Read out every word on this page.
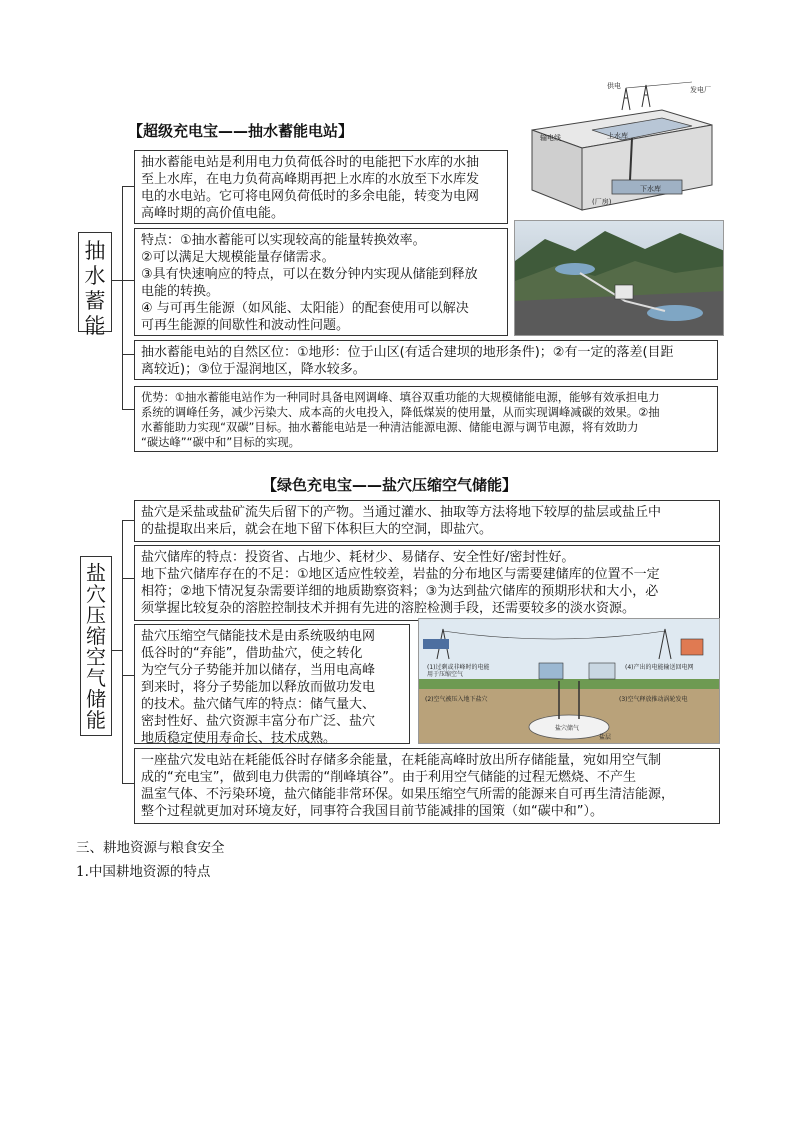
【超级充电宝——抽水蓄能电站】
抽
水
蓄
能

抽水蓄能电站是利用电力负荷低谷时的电能把下水库的水抽

至上水库，在电力负荷高峰期再把上水库的水放至下水库发

电的水电站。它可将电网负荷低时的多余电能，转变为电网

高峰时期的高价值电能。

特点：①抽水蓄能可以实现较高的能量转换效率。

②可以满足大规模能量存储需求。

③具有快速响应的特点，可以在数分钟内实现从储能到释放

电能的转换。

④ 与可再生能源（如风能、太阳能）的配套使用可以解决

可再生能源的间歇性和波动性问题。

抽水蓄能电站的自然区位：①地形：位于山区(有适合建坝的地形条件)；②有一定的落差(目距

离较近)；③位于湿润地区，降水较多。

优势：①抽水蓄能电站作为一种同时具备电网调峰、填谷双重功能的大规模储能电源，能够有效承担电力

系统的调峰任务，减少污染大、成本高的火电投入，降低煤炭的使用量，从而实现调峰减碳的效果。②抽

水蓄能助力实现“双碳”目标。抽水蓄能电站是一种清洁能源电源、储能电源与调节电源，将有效助力

“碳达峰”“碳中和”目标的实现。

供电	发电厂
上水库
下水库
输电线
(厂房)
【绿色充电宝——盐穴压缩空气储能】
盐
穴
压
缩
空
气
储
能

盐穴是采盐或盐矿流失后留下的产物。当通过灌水、抽取等方法将地下较厚的盐层或盐丘中

的盐提取出来后，就会在地下留下体积巨大的空洞，即盐穴。

盐穴储库的特点：投资省、占地少、耗材少、易储存、安全性好/密封性好。

地下盐穴储库存在的不足：①地区适应性较差，岩盐的分布地区与需要建储库的位置不一定

相符；②地下情况复杂需要详细的地质勘察资料；③为达到盐穴储库的预期形状和大小，必

须掌握比较复杂的溶腔控制技术并拥有先进的溶腔检测手段，还需要较多的淡水资源。

盐穴压缩空气储能技术是由系统吸纳电网

低谷时的“弃能”，借助盐穴，使之转化

为空气分子势能并加以储存，当用电高峰

到来时，将分子势能加以释放而做功发电

的技术。盐穴储气库的特点：储气量大、

密封性好、盐穴资源丰富分布广泛、盐穴

地质稳定使用寿命长、技术成熟。

(1)过剩或非峰时的电能
用于压缩空气
(4)产出的电能输送回电网
(2)空气被压入地下盐穴	(3)空气释放推动涡轮发电
盐穴储气
盐层

一座盐穴发电站在耗能低谷时存储多余能量，在耗能高峰时放出所存储能量，宛如用空气制

成的“充电宝”，做到电力供需的“削峰填谷”。由于利用空气储能的过程无燃烧、不产生

温室气体、不污染环境，盐穴储能非常环保。如果压缩空气所需的能源来自可再生清洁能源，

整个过程就更加对环境友好，同事符合我国目前节能减排的国策（如“碳中和”）。

三、耕地资源与粮食安全
1.中国耕地资源的特点
